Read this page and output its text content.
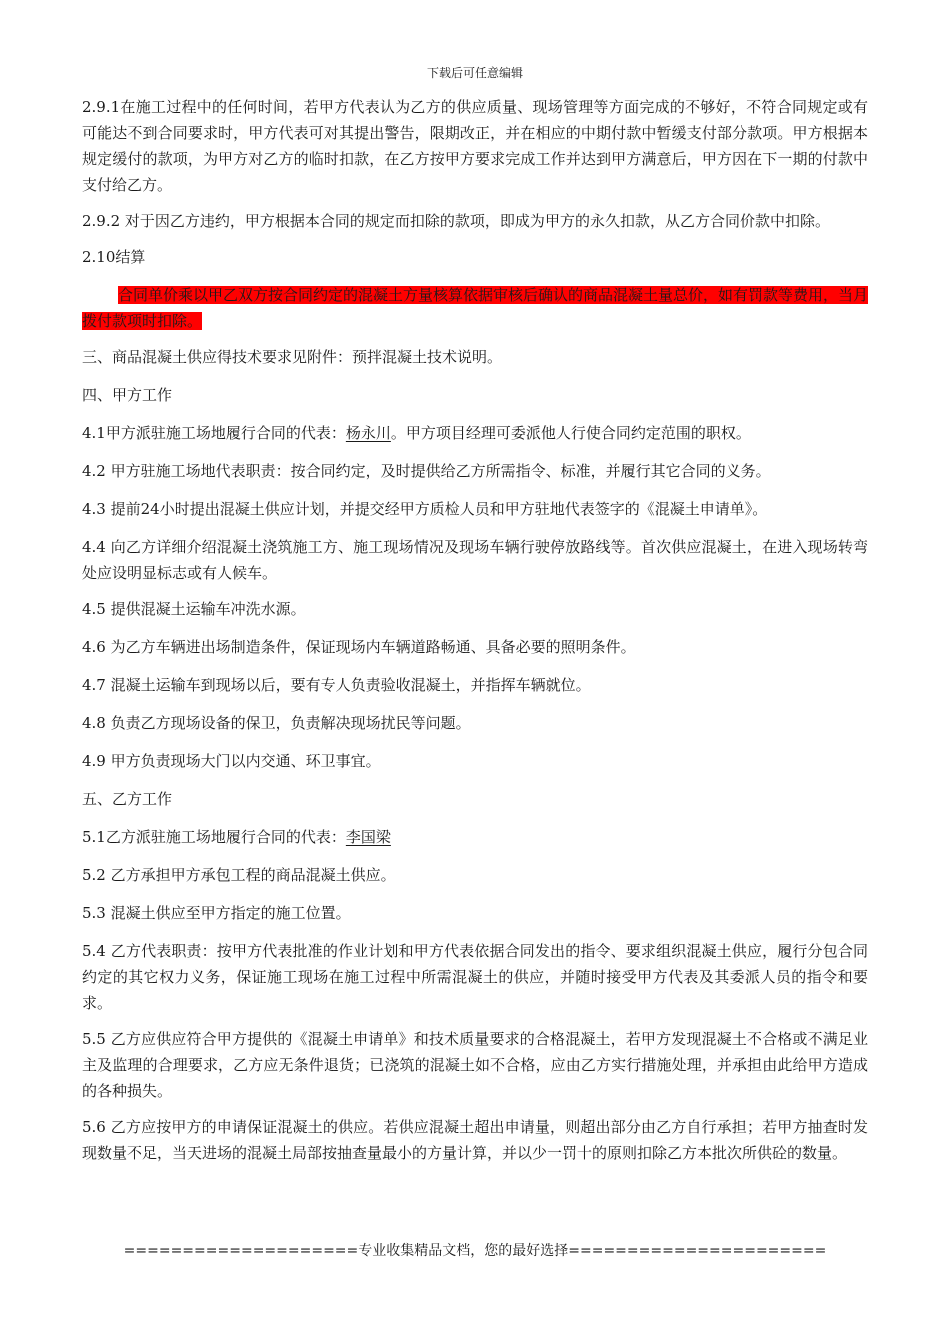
下载后可任意编辑

2.9.1在施工过程中的任何时间，若甲方代表认为乙方的供应质量、现场管理等方面完成的不够好，不符合同规定或有可能达不到合同要求时，甲方代表可对其提出警告，限期改正，并在相应的中期付款中暂缓支付部分款项。甲方根据本规定缓付的款项，为甲方对乙方的临时扣款，在乙方按甲方要求完成工作并达到甲方满意后，甲方因在下一期的付款中支付给乙方。

2.9.2 对于因乙方违约，甲方根据本合同的规定而扣除的款项，即成为甲方的永久扣款，从乙方合同价款中扣除。

2.10结算

合同单价乘以甲乙双方按合同约定的混凝土方量核算依据审核后确认的商品混凝土量总价，如有罚款等费用，当月拨付款项时扣除。

三、商品混凝土供应得技术要求见附件：预拌混凝土技术说明。

四、甲方工作

4.1甲方派驻施工场地履行合同的代表：杨永川。甲方项目经理可委派他人行使合同约定范围的职权。

4.2 甲方驻施工场地代表职责：按合同约定，及时提供给乙方所需指令、标准，并履行其它合同的义务。

4.3 提前24小时提出混凝土供应计划，并提交经甲方质检人员和甲方驻地代表签字的《混凝土申请单》。

4.4 向乙方详细介绍混凝土浇筑施工方、施工现场情况及现场车辆行驶停放路线等。首次供应混凝土，在进入现场转弯处应设明显标志或有人候车。

4.5 提供混凝土运输车冲洗水源。

4.6 为乙方车辆进出场制造条件，保证现场内车辆道路畅通、具备必要的照明条件。

4.7 混凝土运输车到现场以后，要有专人负责验收混凝土，并指挥车辆就位。

4.8 负责乙方现场设备的保卫，负责解决现场扰民等问题。

4.9 甲方负责现场大门以内交通、环卫事宜。

五、乙方工作

5.1乙方派驻施工场地履行合同的代表：李国梁

5.2 乙方承担甲方承包工程的商品混凝土供应。

5.3 混凝土供应至甲方指定的施工位置。

5.4 乙方代表职责：按甲方代表批准的作业计划和甲方代表依据合同发出的指令、要求组织混凝土供应，履行分包合同约定的其它权力义务，保证施工现场在施工过程中所需混凝土的供应，并随时接受甲方代表及其委派人员的指令和要求。

5.5 乙方应供应符合甲方提供的《混凝土申请单》和技术质量要求的合格混凝土，若甲方发现混凝土不合格或不满足业主及监理的合理要求，乙方应无条件退货；已浇筑的混凝土如不合格，应由乙方实行措施处理，并承担由此给甲方造成的各种损失。

5.6 乙方应按甲方的申请保证混凝土的供应。若供应混凝土超出申请量，则超出部分由乙方自行承担；若甲方抽查时发现数量不足，当天进场的混凝土局部按抽查量最小的方量计算，并以少一罚十的原则扣除乙方本批次所供砼的数量。

====================专业收集精品文档，您的最好选择======================
